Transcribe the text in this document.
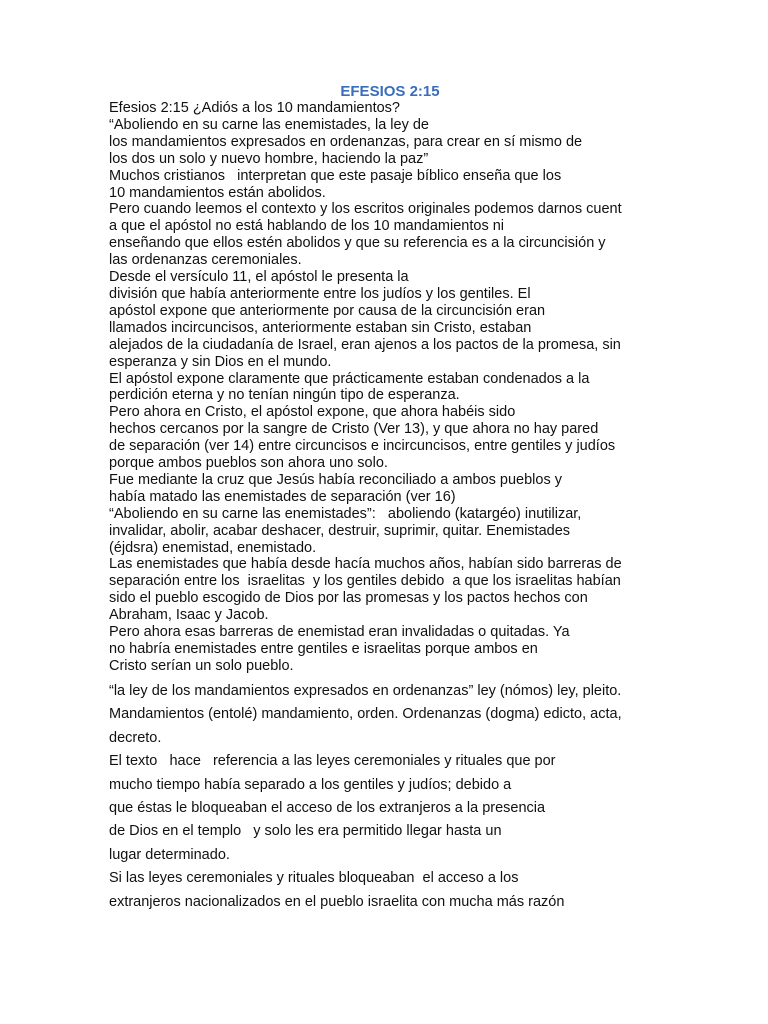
EFESIOS 2:15
Efesios 2:15 ¿Adiós a los 10 mandamientos?
“Aboliendo en su carne las enemistades, la ley de
los mandamientos expresados en ordenanzas, para crear en sí mismo de
los dos un solo y nuevo hombre, haciendo la paz”
Muchos cristianos   interpretan que este pasaje bíblico enseña que los
10 mandamientos están abolidos.
Pero cuando leemos el contexto y los escritos originales podemos darnos cuent
a que el apóstol no está hablando de los 10 mandamientos ni
enseñando que ellos estén abolidos y que su referencia es a la circuncisión y
las ordenanzas ceremoniales.
Desde el versículo 11, el apóstol le presenta la
división que había anteriormente entre los judíos y los gentiles. El
apóstol expone que anteriormente por causa de la circuncisión eran
llamados incircuncisos, anteriormente estaban sin Cristo, estaban
alejados de la ciudadanía de Israel, eran ajenos a los pactos de la promesa, sin
esperanza y sin Dios en el mundo.
El apóstol expone claramente que prácticamente estaban condenados a la
perdición eterna y no tenían ningún tipo de esperanza.
Pero ahora en Cristo, el apóstol expone, que ahora habéis sido
hechos cercanos por la sangre de Cristo (Ver 13), y que ahora no hay pared
de separación (ver 14) entre circuncisos e incircuncisos, entre gentiles y judíos
porque ambos pueblos son ahora uno solo.
Fue mediante la cruz que Jesús había reconciliado a ambos pueblos y
había matado las enemistades de separación (ver 16)
“Aboliendo en su carne las enemistades”:   aboliendo (katargéo) inutilizar,
invalidar, abolir, acabar deshacer, destruir, suprimir, quitar. Enemistades
(éjdsra) enemistad, enemistado.
Las enemistades que había desde hacía muchos años, habían sido barreras de
separación entre los  israelitas  y los gentiles debido  a que los israelitas habían
sido el pueblo escogido de Dios por las promesas y los pactos hechos con
Abraham, Isaac y Jacob.
Pero ahora esas barreras de enemistad eran invalidadas o quitadas. Ya
no habría enemistades entre gentiles e israelitas porque ambos en
Cristo serían un solo pueblo.
“la ley de los mandamientos expresados en ordenanzas” ley (nómos) ley, pleito.
Mandamientos (entolé) mandamiento, orden. Ordenanzas (dogma) edicto, acta,
decreto.
El texto   hace   referencia a las leyes ceremoniales y rituales que por
mucho tiempo había separado a los gentiles y judíos; debido a
que éstas le bloqueaban el acceso de los extranjeros a la presencia
de Dios en el templo   y solo les era permitido llegar hasta un
lugar determinado.
Si las leyes ceremoniales y rituales bloqueaban  el acceso a los
extranjeros nacionalizados en el pueblo israelita con mucha más razón
